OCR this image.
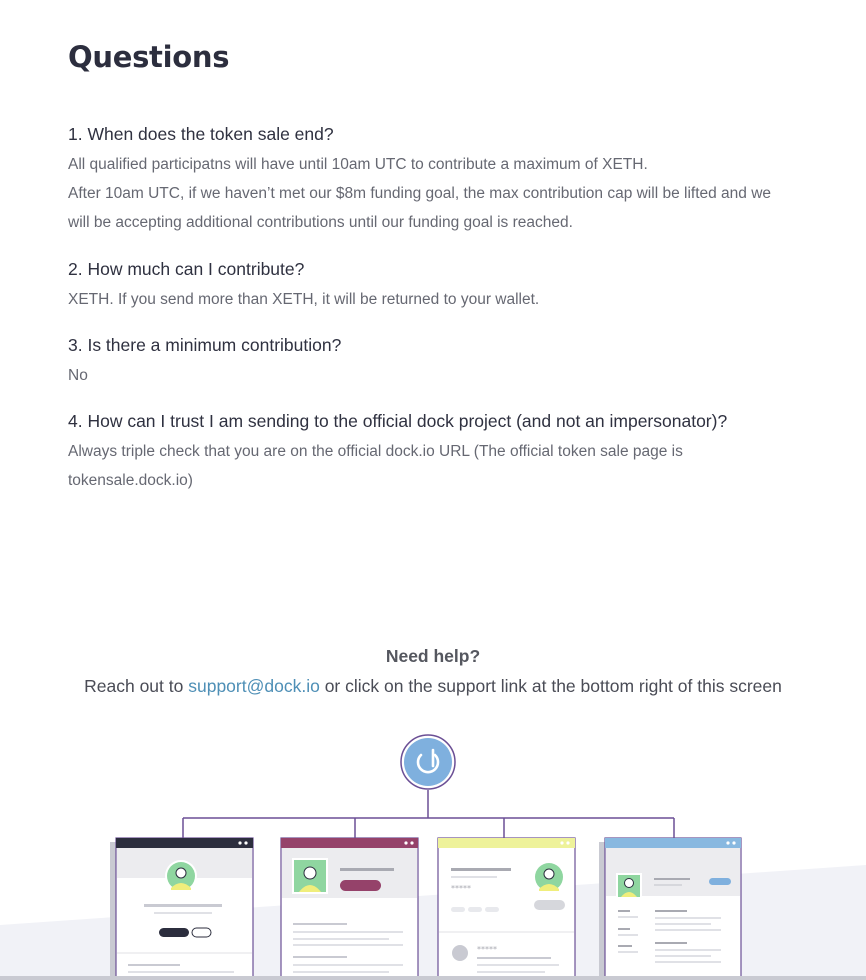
Questions

1. When does the token sale end?

All qualified participatns will have until 10am UTC to contribute a maximum of XETH.

After 10am UTC, if we haven’t met our $8m funding goal, the max contribution cap will be lifted and we

will be accepting additional contributions until our funding goal is reached.

2. How much can I contribute?

XETH. If you send more than XETH, it will be returned to your wallet.

3. Is there a minimum contribution?

No

4. How can I trust I am sending to the official dock project (and not an impersonator)?

Always triple check that you are on the official dock.io URL (The official token sale page is

tokensale.dock.io)

Need help?
Reach out to support@dock.io or click on the support link at the bottom right of this screen
*****
*****
